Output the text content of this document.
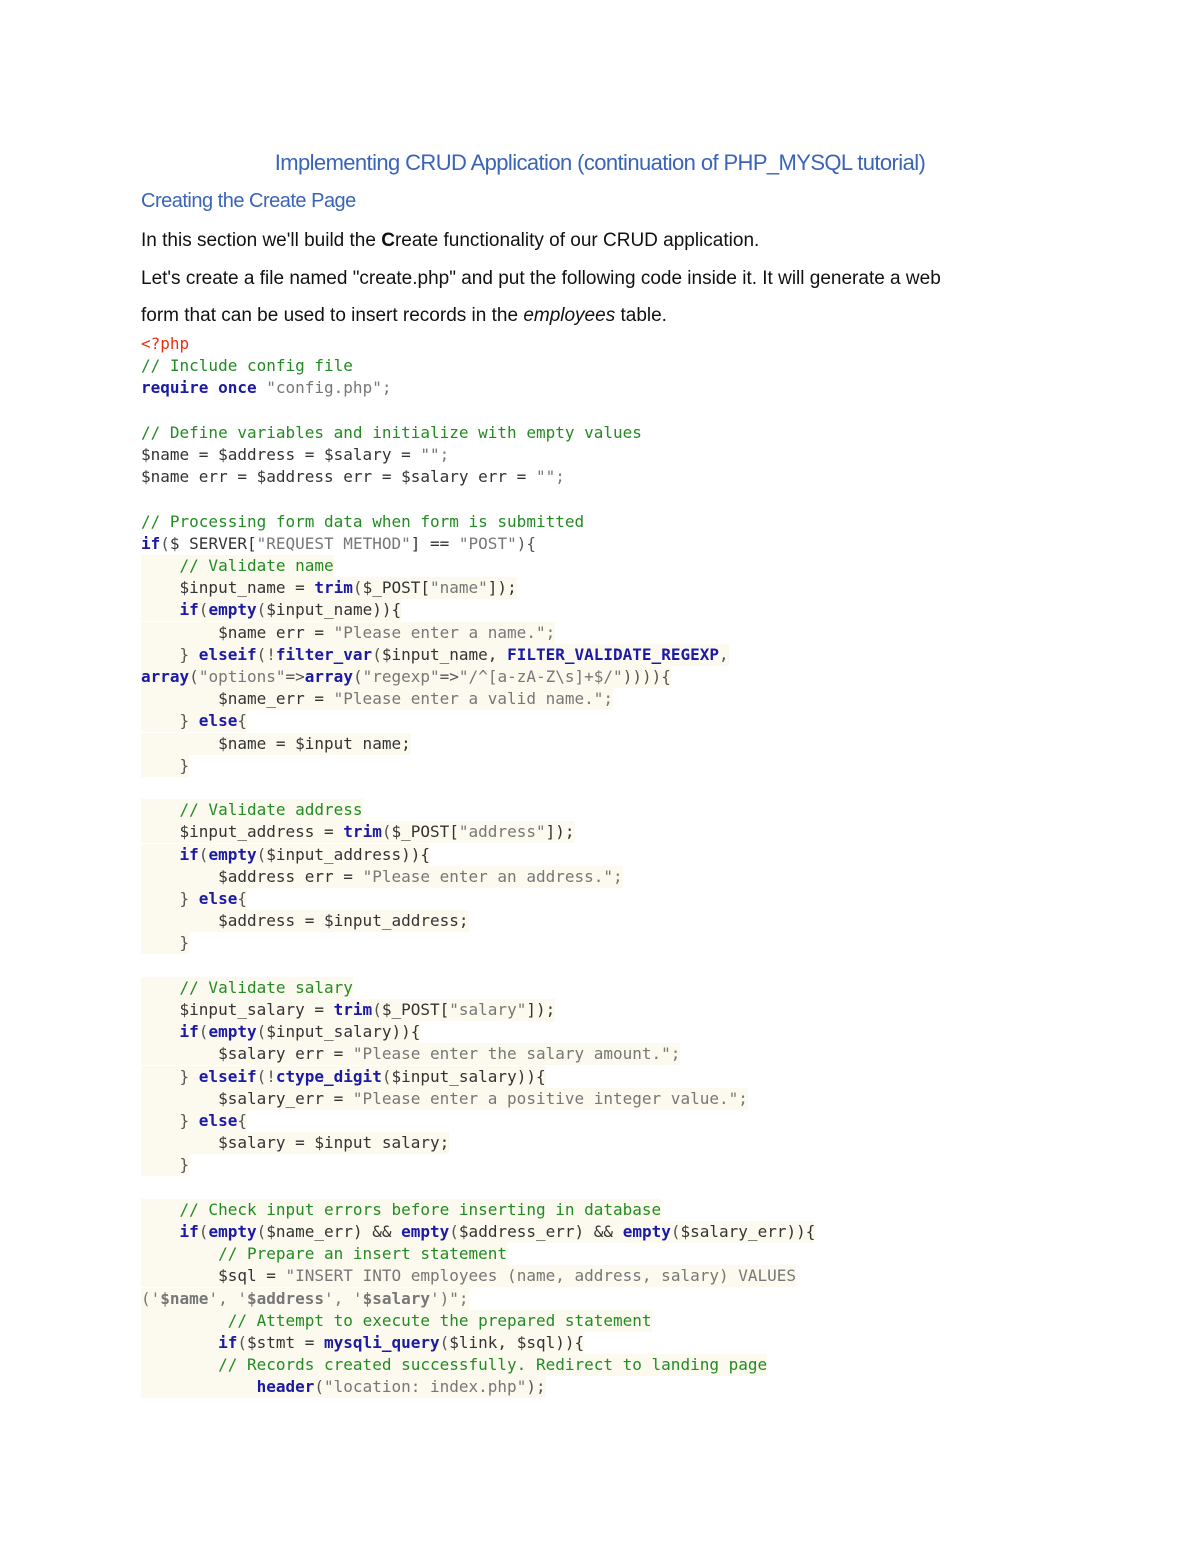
Implementing CRUD Application (continuation of PHP_MYSQL tutorial)
Creating the Create Page
In this section we'll build the Create functionality of our CRUD application.
Let's create a file named "create.php" and put the following code inside it. It will generate a web
form that can be used to insert records in the employees table.
<?php
// Include config file
require once "config.php";
// Define variables and initialize with empty values
$name = $address = $salary = "";
$name err = $address err = $salary err = "";
// Processing form data when form is submitted
if($ SERVER["REQUEST METHOD"] == "POST"){
// Validate name
$input_name = trim($_POST["name"]);
if(empty($input_name)){
$name err = "Please enter a name.";
} elseif(!filter_var($input_name, FILTER_VALIDATE_REGEXP,
array("options"=>array("regexp"=>"/^[a-zA-Z\s]+$/")))){
$name_err = "Please enter a valid name.";
} else{
$name = $input name;
}
// Validate address
$input_address = trim($_POST["address"]);
if(empty($input_address)){
$address err = "Please enter an address.";
} else{
$address = $input_address;
}
// Validate salary
$input_salary = trim($_POST["salary"]);
if(empty($input_salary)){
$salary err = "Please enter the salary amount.";
} elseif(!ctype_digit($input_salary)){
$salary_err = "Please enter a positive integer value.";
} else{
$salary = $input salary;
}
// Check input errors before inserting in database
if(empty($name_err) && empty($address_err) && empty($salary_err)){
// Prepare an insert statement
$sql = "INSERT INTO employees (name, address, salary) VALUES
('$name', '$address', '$salary')";
// Attempt to execute the prepared statement
if($stmt = mysqli_query($link, $sql)){
// Records created successfully. Redirect to landing page
header("location: index.php");
